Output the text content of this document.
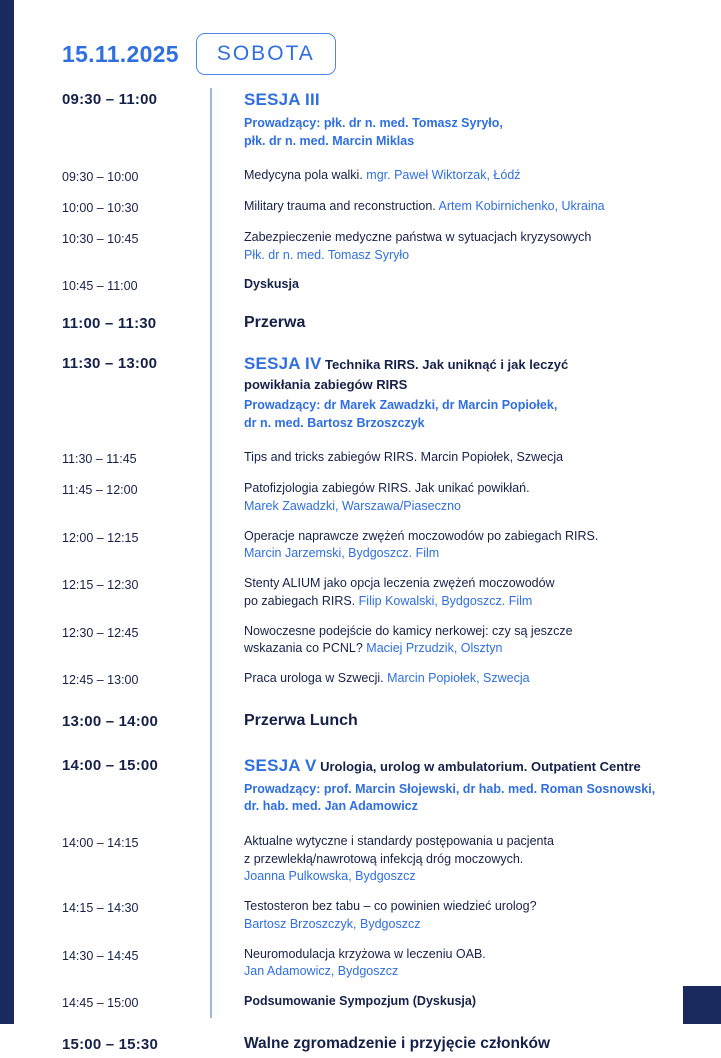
15.11.2025	SOBOTA
09:30 – 11:00	SESJA III
Prowadzący: płk. dr n. med. Tomasz Syryło,
płk. dr n. med. Marcin Miklas
09:30 – 10:00	Medycyna pola walki. mgr. Paweł Wiktorzak, Łódź
10:00 – 10:30	Military trauma and reconstruction. Artem Kobirnichenko, Ukraina
10:30 – 10:45	Zabezpieczenie medyczne państwa w sytuacjach kryzysowych
Płk. dr n. med. Tomasz Syryło
10:45 – 11:00	Dyskusja
11:00 – 11:30	Przerwa
11:30 – 13:00	SESJA IV Technika RIRS. Jak uniknąć i jak leczyć
powikłania zabiegów RIRS
Prowadzący: dr Marek Zawadzki, dr Marcin Popiołek,
dr n. med. Bartosz Brzoszczyk
11:30 – 11:45	Tips and tricks zabiegów RIRS. Marcin Popiołek, Szwecja
11:45 – 12:00	Patofizjologia zabiegów RIRS. Jak unikać powikłań.
Marek Zawadzki, Warszawa/Piaseczno
12:00 – 12:15	Operacje naprawcze zwężeń moczowodów po zabiegach RIRS.
Marcin Jarzemski, Bydgoszcz. Film
12:15 – 12:30	Stenty ALIUM jako opcja leczenia zwężeń moczowodów
po zabiegach RIRS. Filip Kowalski, Bydgoszcz. Film
12:30 – 12:45	Nowoczesne podejście do kamicy nerkowej: czy są jeszcze
wskazania co PCNL? Maciej Przudzik, Olsztyn
12:45 – 13:00	Praca urologa w Szwecji. Marcin Popiołek, Szwecja
13:00 – 14:00	Przerwa Lunch
14:00 – 15:00	SESJA V Urologia, urolog w ambulatorium. Outpatient Centre
Prowadzący: prof. Marcin Słojewski, dr hab. med. Roman Sosnowski,
dr. hab. med. Jan Adamowicz
14:00 – 14:15	Aktualne wytyczne i standardy postępowania u pacjenta
z przewlekłą/nawrotową infekcją dróg moczowych.
Joanna Pulkowska, Bydgoszcz
14:15 – 14:30	Testosteron bez tabu – co powinien wiedzieć urolog?
Bartosz Brzoszczyk, Bydgoszcz
14:30 – 14:45	Neuromodulacja krzyżowa w leczeniu OAB.
Jan Adamowicz, Bydgoszcz
14:45 – 15:00	Podsumowanie Sympozjum (Dyskusja)
15:00 – 15:30	Walne zgromadzenie i przyjęcie członków
